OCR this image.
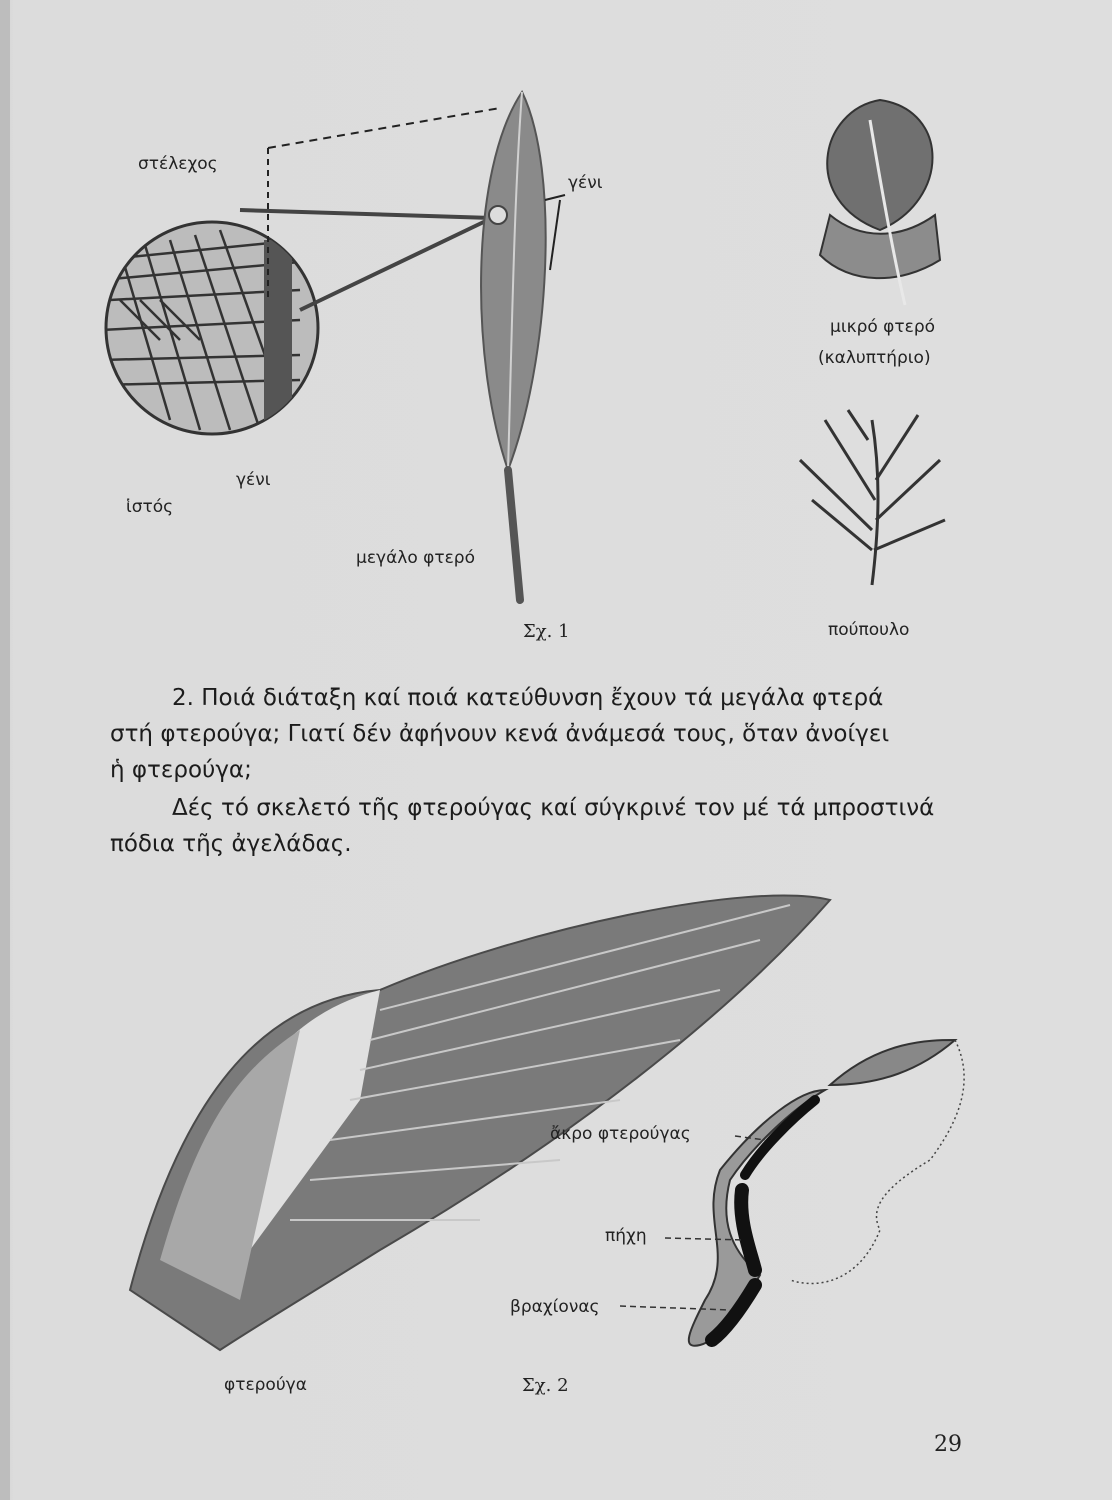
στέλεχος
γένι
γένι
ἱστός
μεγάλο φτερό
μικρό φτερό
(καλυπτήριο)
πούπουλο
Σχ. 1
2. Ποιά διάταξη καί ποιά κατεύθυνση ἔχουν τά μεγάλα φτερά
στή φτερούγα; Γιατί δέν ἀφήνουν κενά ἀνάμεσά τους, ὅταν ἀνοίγει
ἡ φτερούγα;
Δές τό σκελετό τῆς φτερούγας καί σύγκρινέ τον μέ τά μπροστινά
πόδια τῆς ἀγελάδας.
ἄκρο φτερούγας
πήχη
βραχίονας
φτερούγα	Σχ. 2
29
